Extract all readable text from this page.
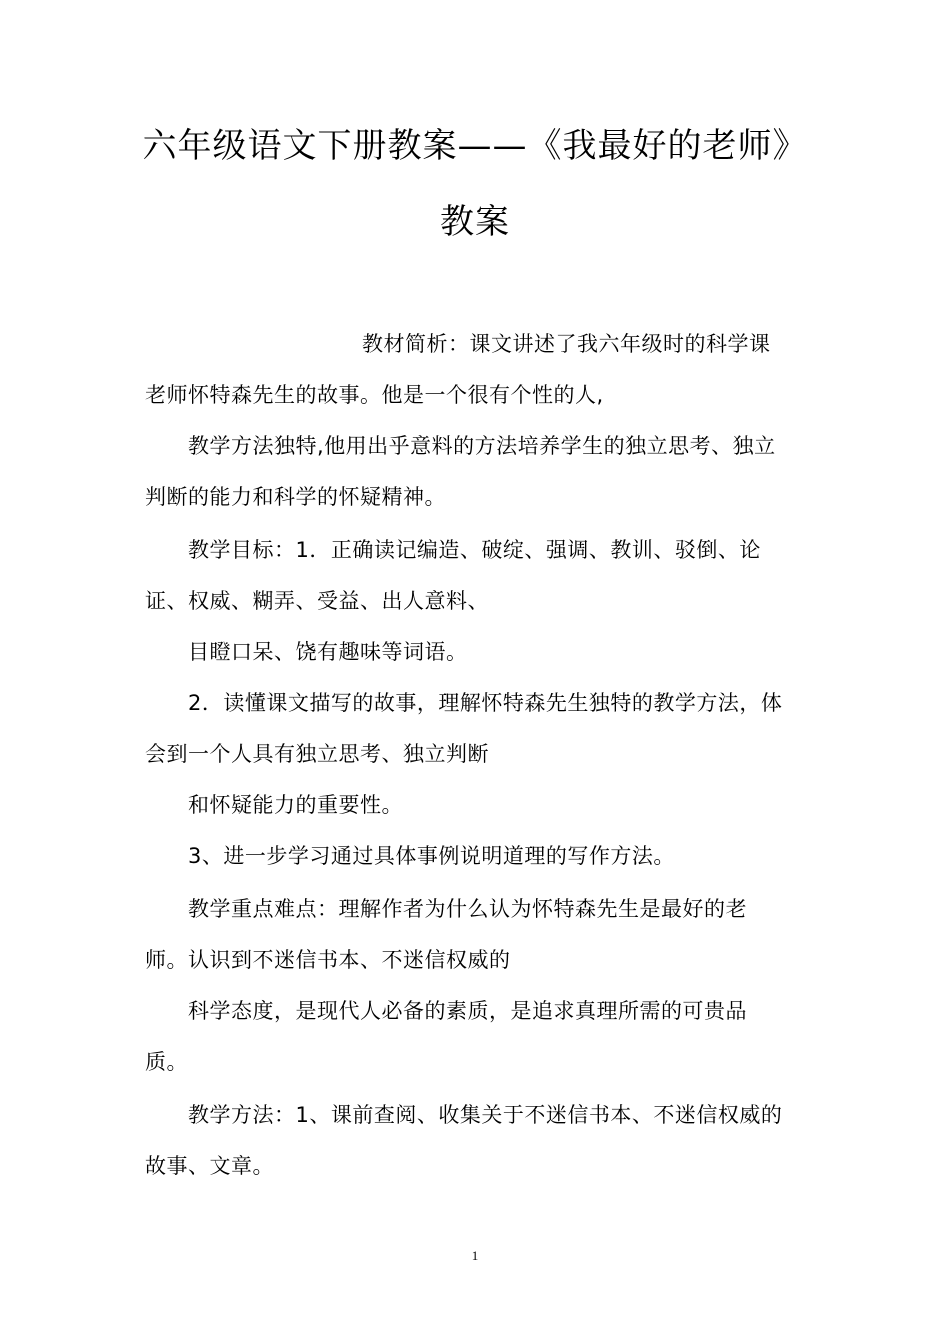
六年级语文下册教案——《我最好的老师》
教案
教材简析：课文讲述了我六年级时的科学课
老师怀特森先生的故事。他是一个很有个性的人,
教学方法独特,他用出乎意料的方法培养学生的独立思考、独立
判断的能力和科学的怀疑精神。
教学目标：1．正确读记编造、破绽、强调、教训、驳倒、论
证、权威、糊弄、受益、出人意料、
目瞪口呆、饶有趣味等词语。
2．读懂课文描写的故事，理解怀特森先生独特的教学方法，体
会到一个人具有独立思考、独立判断
和怀疑能力的重要性。
3、进一步学习通过具体事例说明道理的写作方法。
教学重点难点：理解作者为什么认为怀特森先生是最好的老
师。认识到不迷信书本、不迷信权威的
科学态度，是现代人必备的素质，是追求真理所需的可贵品
质。
教学方法：1、课前查阅、收集关于不迷信书本、不迷信权威的
故事、文章。
1
